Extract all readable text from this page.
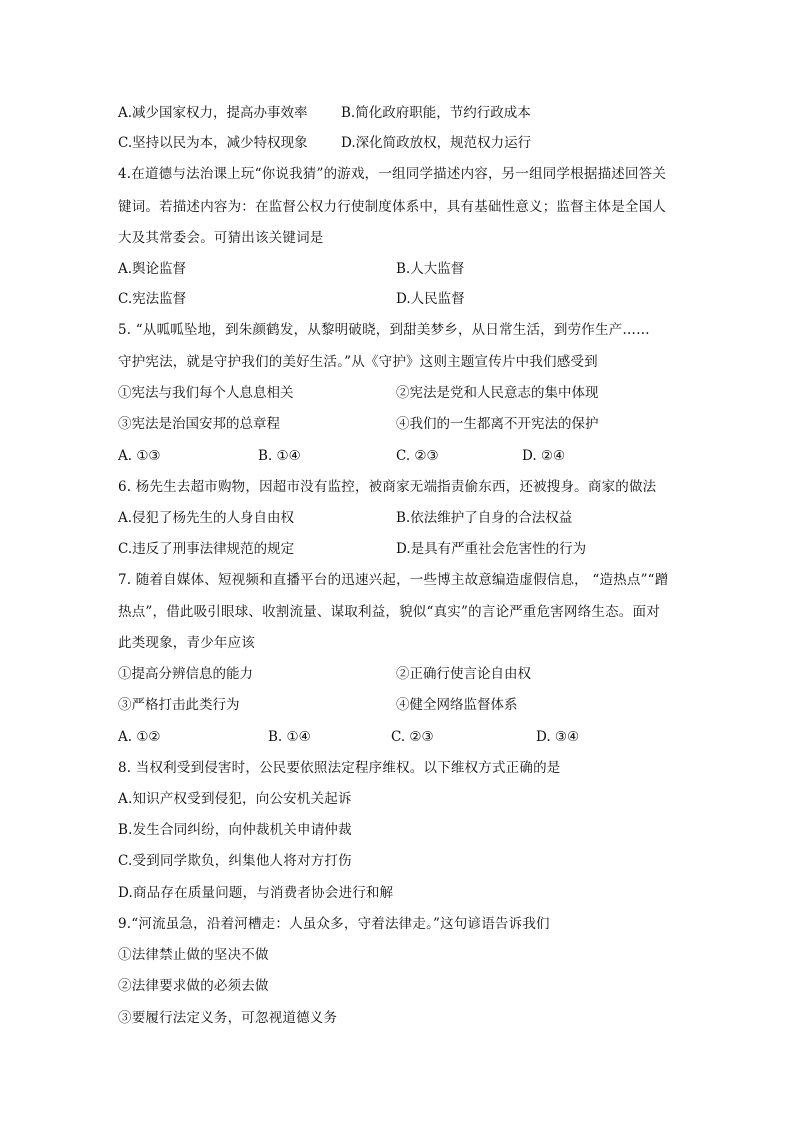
A.减少国家权力，提高办事效率 B.简化政府职能，节约行政成本
C.坚持以民为本，减少特权现象 D.深化简政放权，规范权力运行
4.在道德与法治课上玩“你说我猜”的游戏，一组同学描述内容，另一组同学根据描述回答关
键词。若描述内容为：在监督公权力行使制度体系中，具有基础性意义；监督主体是全国人
大及其常委会。可猜出该关键词是
A.舆论监督	B.人大监督
C.宪法监督	D.人民监督
5. “从呱呱坠地，到朱颜鹤发，从黎明破晓，到甜美梦乡，从日常生活，到劳作生产……
守护宪法，就是守护我们的美好生活。”从《守护》这则主题宣传片中我们感受到
①宪法与我们每个人息息相关	②宪法是党和人民意志的集中体现
③宪法是治国安邦的总章程	④我们的一生都离不开宪法的保护
A. ①③	B. ①④	C. ②③	D. ②④
6. 杨先生去超市购物，因超市没有监控，被商家无端指责偷东西，还被搜身。商家的做法
A.侵犯了杨先生的人身自由权	B.依法维护了自身的合法权益
C.违反了刑事法律规范的规定	D.是具有严重社会危害性的行为
7. 随着自媒体、短视频和直播平台的迅速兴起，一些博主故意编造虚假信息， “造热点”“蹭
热点”，借此吸引眼球、收割流量、谋取利益，貌似“真实”的言论严重危害网络生态。面对
此类现象，青少年应该
①提高分辨信息的能力	②正确行使言论自由权
③严格打击此类行为	④健全网络监督体系
A. ①②	B. ①④	C. ②③	D. ③④
8. 当权利受到侵害时，公民要依照法定程序维权。以下维权方式正确的是
A.知识产权受到侵犯，向公安机关起诉
B.发生合同纠纷，向仲裁机关申请仲裁
C.受到同学欺负，纠集他人将对方打伤
D.商品存在质量问题，与消费者协会进行和解
9.“河流虽急，沿着河槽走：人虽众多，守着法律走。”这句谚语告诉我们
①法律禁止做的坚决不做
②法律要求做的必须去做
③要履行法定义务，可忽视道德义务
